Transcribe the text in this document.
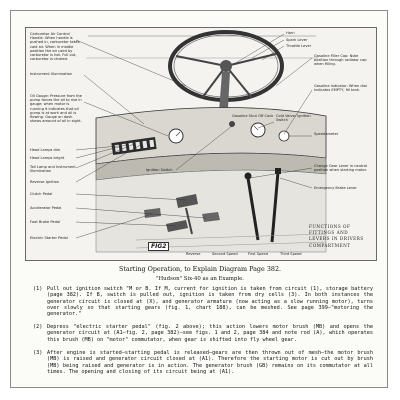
Carburetor Air Control Handle. When handle is pushed in, carburetor takes cold air. When in middle position the air used by carburetor is hot. Full out, carburetor is choked.
Instrument Illumination
Oil Gauge: Pressure from the pump forces the oil to rise in gauge; when motor is running it indicates that oil pump is at work and oil is flowing. Gauge on dash shows amount of oil in sight.
Head Lamps dim
Head Lamps bright
Tail Lamp and Instrument Illumination
Reverse Ignition
Clutch Pedal
Accelerator Pedal
Foot Brake Pedal
Electric Starter Pedal
Horn
Spark Lever
Throttle Lever
Gasoline Filler Cap: Note position through radiator cap when filling.
Gasoline Indicator: When dial indicates EMPTY, fill tank.
Gasoline Shut Off Cock Cold Valve: Ignition Switch
Speedometer
Change Gear Lever in neutral position when starting motor.
Emergency Brake Lever
Ignition Switch
Reverse	Second Speed	First Speed	Third Speed
FIG2
FUNCTIONS OF
FITTINGS AND
LEVERS IN DRIVERS
COMPARTMENT
Starting Operation, to Explain Diagram Page 382.
"Hudson" Six-40 as an Example.
(1) Pull out ignition switch "M or B. If M, current for ignition is taken from circuit (1), storage battery (page 382). If B, switch is pulled out, ignition is taken from dry cells (3). In both instances the generator circuit is closed at (X), and generator armature (now acting as a slow running motor), turns over slowly so that starting gears (fig. 1, chart 188), can be meshed. See page 399—"motoring the generator."
(2) Depress "electric starter pedal" (fig. 2 above); this action lowers motor brush (MB) and opens the generator circuit at (A1—fig. 2, page 382)—see figs. 1 and 2, page 384 and note rod (A), which operates this brush (MB) on "motor" commutator, when gear is shifted into fly wheel gear.
(3) After engine is started—starting pedal is released—gears are then thrown out of mesh—the motor brush (MB) is raised and generator circuit closed at (A1). Therefore the starting motor is cut out by brush (MB) being raised and generator is in action. The generator brush (GB) remains on its commutator at all times. The opening and closing of its circuit being at (A1).
